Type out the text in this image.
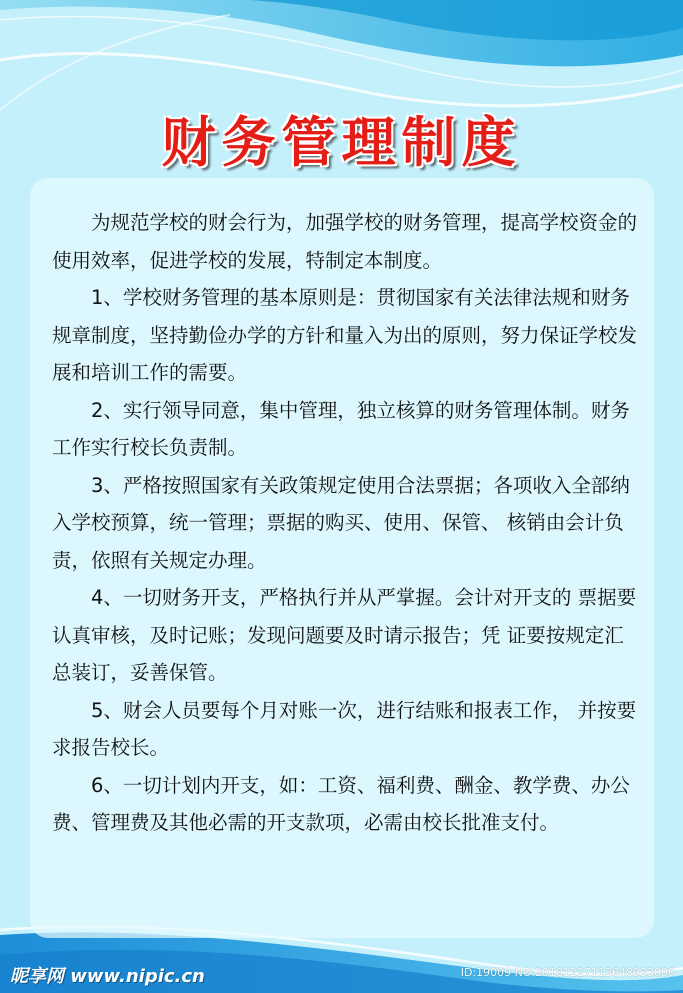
财务管理制度

为规范学校的财会行为，加强学校的财务管理，提高学校资金的使用效率，促进学校的发展，特制定本制度。

1、学校财务管理的基本原则是：贯彻国家有关法律法规和财务规章制度，坚持勤俭办学的方针和量入为出的原则，努力保证学校发展和培训工作的需要。

2、实行领导同意，集中管理，独立核算的财务管理体制。财务工作实行校长负责制。

3、严格按照国家有关政策规定使用合法票据；各项收入全部纳入学校预算，统一管理；票据的购买、使用、保管、 核销由会计负责，依照有关规定办理。

4、一切财务开支，严格执行并从严掌握。会计对开支的 票据要认真审核，及时记账；发现问题要及时请示报告；凭 证要按规定汇总装订，妥善保管。

5、财会人员要每个月对账一次，进行结账和报表工作， 并按要求报告校长。

6、一切计划内开支，如：工资、福利费、酬金、教学费、办公费、管理费及其他必需的开支款项，必需由校长批准支付。

昵享网 www.nipic.cn	ID:19009 NO:20181227113648933000
